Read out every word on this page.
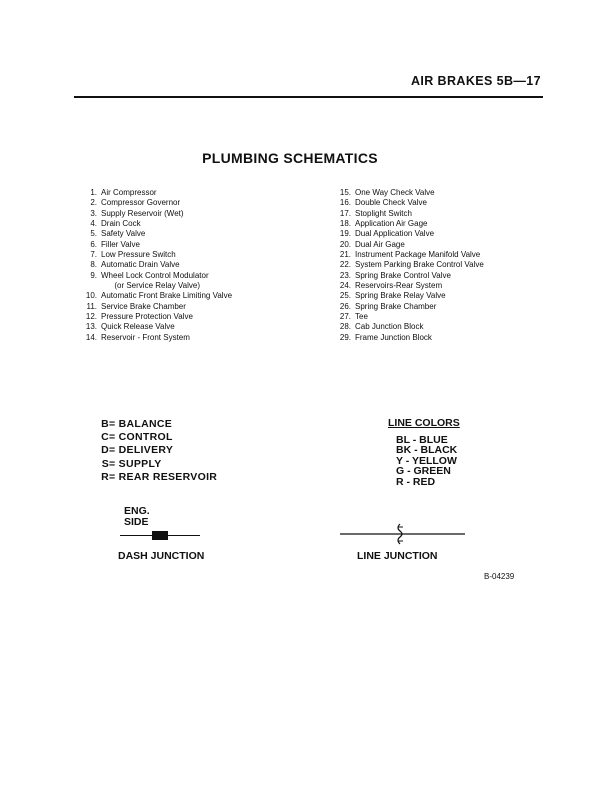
AIR BRAKES 5B—17
PLUMBING SCHEMATICS
1. Air Compressor
2. Compressor Governor
3. Supply Reservoir (Wet)
4. Drain Cock
5. Safety Valve
6. Filler Valve
7. Low Pressure Switch
8. Automatic Drain Valve
9. Wheel Lock Control Modulator
(or Service Relay Valve)
10. Automatic Front Brake Limiting Valve
11. Service Brake Chamber
12. Pressure Protection Valve
13. Quick Release Valve
14. Reservoir - Front System
15. One Way Check Valve
16. Double Check Valve
17. Stoplight Switch
18. Application Air Gage
19. Dual Application Valve
20. Dual Air Gage
21. Instrument Package Manifold Valve
22. System Parking Brake Control Valve
23. Spring Brake Control Valve
24. Reservoirs-Rear System
25. Spring Brake Relay Valve
26. Spring Brake Chamber
27. Tee
28. Cab Junction Block
29. Frame Junction Block
B= BALANCE
C= CONTROL
D= DELIVERY
S= SUPPLY
R= REAR RESERVOIR
LINE COLORS
BL - BLUE
BK - BLACK
Y - YELLOW
G - GREEN
R - RED
ENG.
SIDE
DASH JUNCTION	LINE JUNCTION
B-04239
